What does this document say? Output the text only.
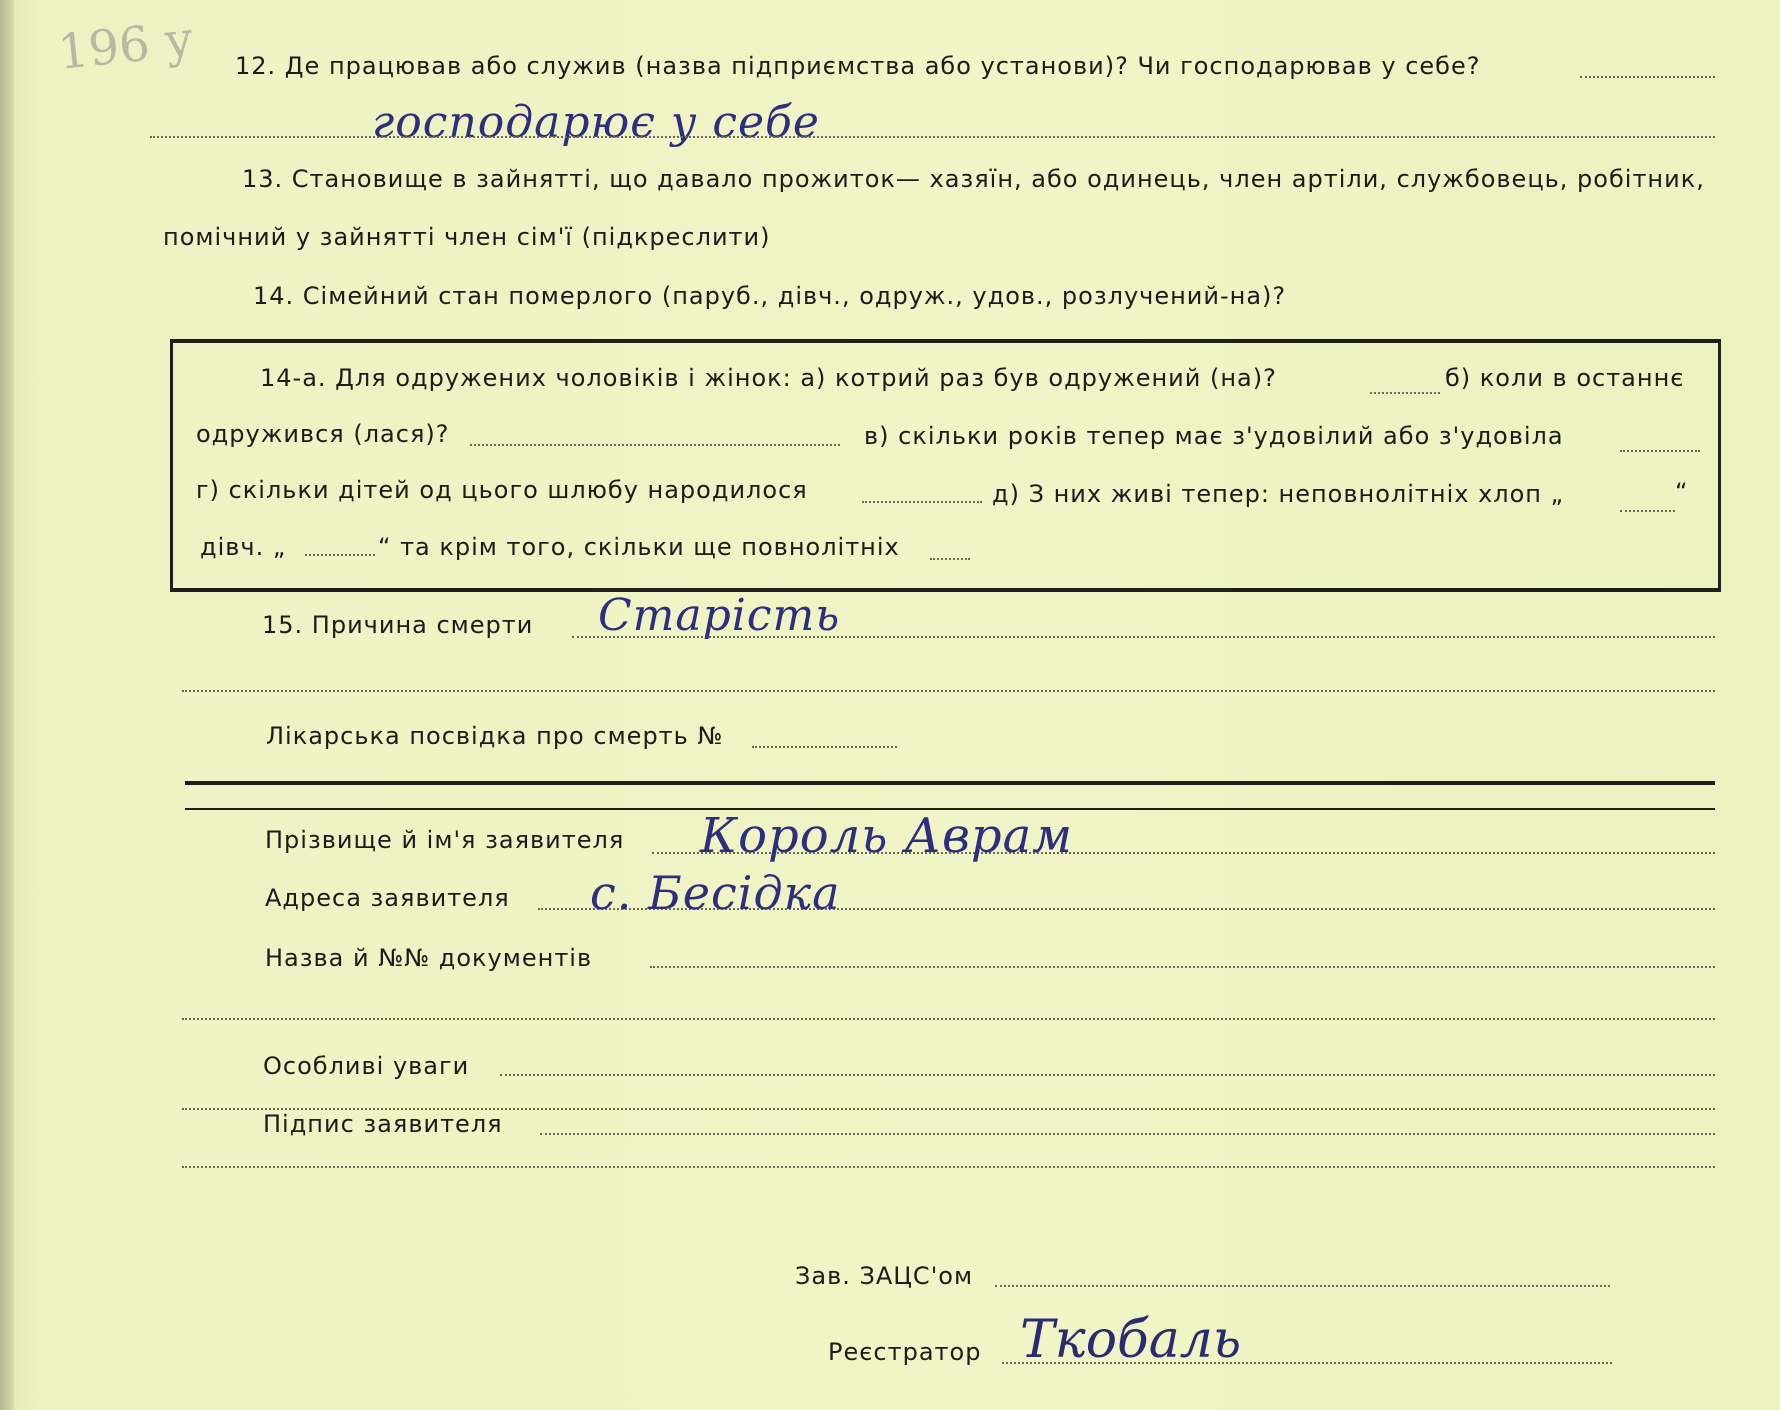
196 у 12. Де працював або служив (назва підприємства або установи)? Чи господарював у себе?
господарює у себе
13. Становище в зайнятті, що давало прожиток— хазяїн, або одинець, член артіли, службовець, робітник,
помічний у зайнятті член сім'ї (підкреслити)
14. Сімейний стан померлого (паруб., дівч., одруж., удов., розлучений-на)?
14-а. Для одружених чоловіків і жінок: а) котрий раз був одружений (на)?	б) коли в останнє
одружився (лася)?	в) скільки років тепер має з'удовілий або з'удовіла
г) скільки дітей од цього шлюбу народилося	д) З них живі тепер: неповнолітніх хлоп „	“
дівч. „	“ та крім того, скільки ще повнолітніх
15. Причина смерти Старість
Лікарська посвідка про смерть №
Прізвище й ім'я заявителя Король Аврам
Адреса заявителя с. Бесідка
Назва й №№ документів
Особливі уваги
Підпис заявителя
Зав. ЗАЦС'ом
Реєстратор Ткобаль
